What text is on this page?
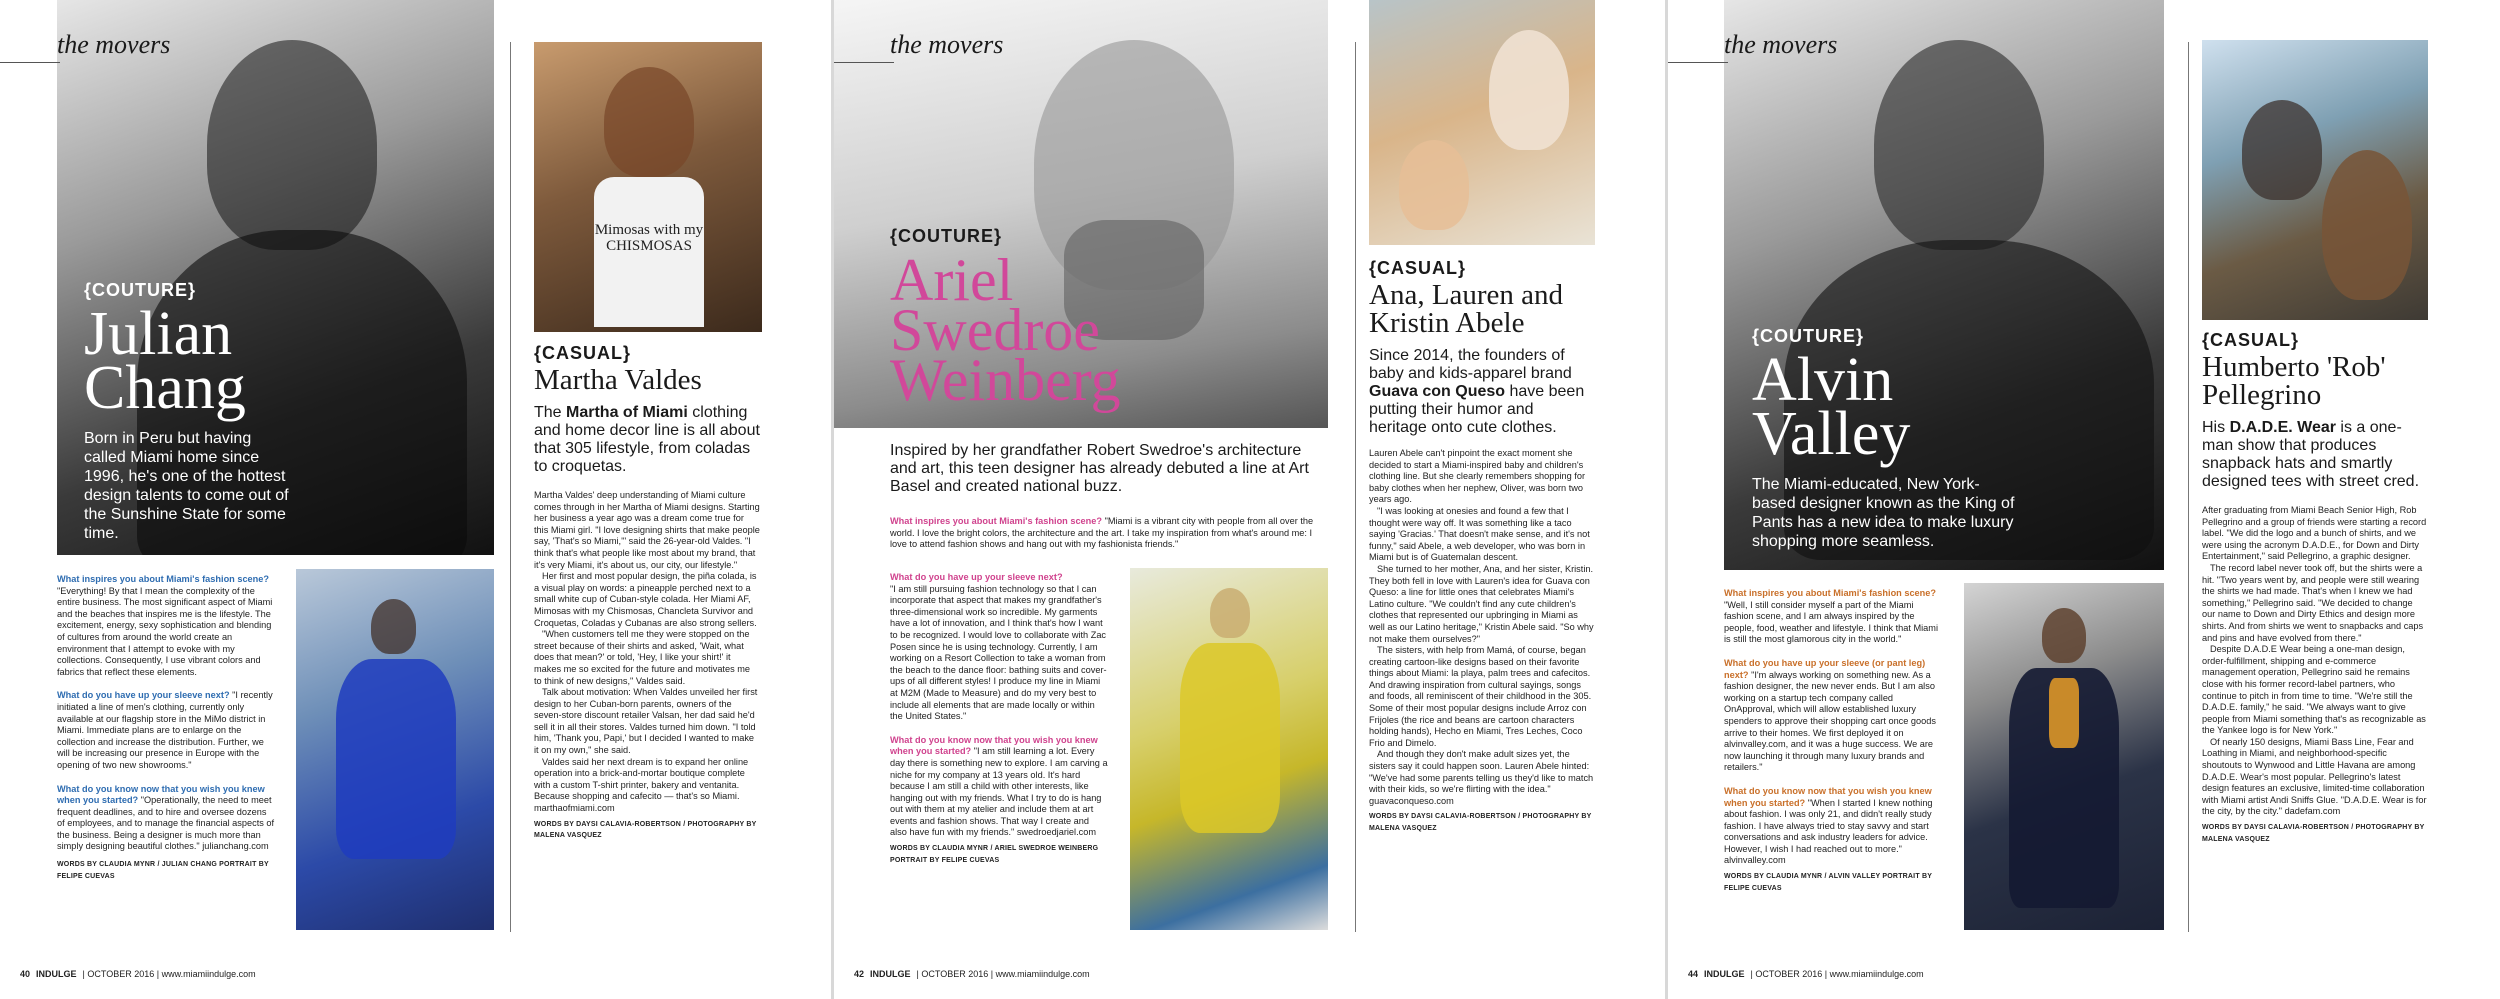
the movers
{COUTURE}
Julian
Chang
Born in Peru but having called Miami home since 1996, he's one of the hottest design talents to come out of the Sunshine State for some time.

What inspires you about Miami's fashion scene?
"Everything! By that I mean the complexity of the entire business. The most significant aspect of Miami and the beaches that inspires me is the lifestyle. The excitement, energy, sexy sophistication and blending of cultures from around the world create an environment that I attempt to evoke with my collections. Consequently, I use vibrant colors and fabrics that reflect these elements.

What do you have up your sleeve next? "I recently initiated a line of men's clothing, currently only available at our flagship store in the MiMo district in Miami. Immediate plans are to enlarge on the collection and increase the distribution. Further, we will be increasing our presence in Europe with the opening of two new showrooms."

What do you know now that you wish you knew when you started? "Operationally, the need to meet frequent deadlines, and to hire and oversee dozens of employees, and to manage the financial aspects of the business. Being a designer is much more than simply designing beautiful clothes." julianchang.com

WORDS BY CLAUDIA MYNR / JULIAN CHANG PORTRAIT BY FELIPE CUEVAS
Mimosas with my CHISMOSAS
{CASUAL}
Martha Valdes
The Martha of Miami clothing and home decor line is all about that 305 lifestyle, from coladas to croquetas.

Martha Valdes' deep understanding of Miami culture comes through in her Martha of Miami designs. Starting her business a year ago was a dream come true for this Miami girl. "I love designing shirts that make people say, 'That's so Miami,'" said the 26-year-old Valdes. "I think that's what people like most about my brand, that it's very Miami, it's about us, our city, our lifestyle."

Her first and most popular design, the piña colada, is a visual play on words: a pineapple perched next to a small white cup of Cuban-style colada. Her Miami AF, Mimosas with my Chismosas, Chancleta Survivor and Croquetas, Coladas y Cubanas are also strong sellers.

"When customers tell me they were stopped on the street because of their shirts and asked, 'Wait, what does that mean?' or told, 'Hey, I like your shirt!' it makes me so excited for the future and motivates me to think of new designs," Valdes said.

Talk about motivation: When Valdes unveiled her first design to her Cuban-born parents, owners of the seven-store discount retailer Valsan, her dad said he'd sell it in all their stores. Valdes turned him down. "I told him, 'Thank you, Papi,' but I decided I wanted to make it on my own," she said.

Valdes said her next dream is to expand her online operation into a brick-and-mortar boutique complete with a custom T-shirt printer, bakery and ventanita. Because shopping and cafecito — that's so Miami. marthaofmiami.com

WORDS BY DAYSI CALAVIA-ROBERTSON / PHOTOGRAPHY BY MALENA VASQUEZ
40 INDULGE | OCTOBER 2016 | www.miamiindulge.com
the movers
{COUTURE}
Ariel
Swedroe
Weinberg
Inspired by her grandfather Robert Swedroe's architecture and art, this teen designer has already debuted a line at Art Basel and created national buzz.

What inspires you about Miami's fashion scene? "Miami is a vibrant city with people from all over the world. I love the bright colors, the architecture and the art. I take my inspiration from what's around me: I love to attend fashion shows and hang out with my fashionista friends."

What do you have up your sleeve next?
"I am still pursuing fashion technology so that I can incorporate that aspect that makes my grandfather's three-dimensional work so incredible. My garments have a lot of innovation, and I think that's how I want to be recognized. I would love to collaborate with Zac Posen since he is using technology. Currently, I am working on a Resort Collection to take a woman from the beach to the dance floor: bathing suits and cover-ups of all different styles! I produce my line in Miami at M2M (Made to Measure) and do my very best to include all elements that are made locally or within the United States."

What do you know now that you wish you knew when you started? "I am still learning a lot. Every day there is something new to explore. I am carving a niche for my company at 13 years old. It's hard because I am still a child with other interests, like hanging out with my friends. What I try to do is hang out with them at my atelier and include them at art events and fashion shows. That way I create and also have fun with my friends." swedroedjariel.com

WORDS BY CLAUDIA MYNR / ARIEL SWEDROE WEINBERG PORTRAIT BY FELIPE CUEVAS
{CASUAL}
Ana, Lauren and
Kristin Abele
Since 2014, the founders of baby and kids-apparel brand Guava con Queso have been putting their humor and heritage onto cute clothes.

Lauren Abele can't pinpoint the exact moment she decided to start a Miami-inspired baby and children's clothing line. But she clearly remembers shopping for baby clothes when her nephew, Oliver, was born two years ago.

"I was looking at onesies and found a few that I thought were way off. It was something like a taco saying 'Gracias.' That doesn't make sense, and it's not funny," said Abele, a web developer, who was born in Miami but is of Guatemalan descent.

She turned to her mother, Ana, and her sister, Kristin. They both fell in love with Lauren's idea for Guava con Queso: a line for little ones that celebrates Miami's Latino culture. "We couldn't find any cute children's clothes that represented our upbringing in Miami as well as our Latino heritage," Kristin Abele said. "So why not make them ourselves?"

The sisters, with help from Mamá, of course, began creating cartoon-like designs based on their favorite things about Miami: la playa, palm trees and cafecitos. And drawing inspiration from cultural sayings, songs and foods, all reminiscent of their childhood in the 305. Some of their most popular designs include Arroz con Frijoles (the rice and beans are cartoon characters holding hands), Hecho en Miami, Tres Leches, Coco Frio and Dimelo.

And though they don't make adult sizes yet, the sisters say it could happen soon. Lauren Abele hinted: "We've had some parents telling us they'd like to match with their kids, so we're flirting with the idea." guavaconqueso.com

WORDS BY DAYSI CALAVIA-ROBERTSON / PHOTOGRAPHY BY MALENA VASQUEZ
42 INDULGE | OCTOBER 2016 | www.miamiindulge.com
the movers
{COUTURE}
Alvin
Valley
The Miami-educated, New York-based designer known as the King of Pants has a new idea to make luxury shopping more seamless.

What inspires you about Miami's fashion scene?
"Well, I still consider myself a part of the Miami fashion scene, and I am always inspired by the people, food, weather and lifestyle. I think that Miami is still the most glamorous city in the world."

What do you have up your sleeve (or pant leg) next? "I'm always working on something new. As a fashion designer, the new never ends. But I am also working on a startup tech company called OnApproval, which will allow established luxury spenders to approve their shopping cart once goods arrive to their homes. We first deployed it on alvinvalley.com, and it was a huge success. We are now launching it through many luxury brands and retailers."

What do you know now that you wish you knew when you started? "When I started I knew nothing about fashion. I was only 21, and didn't really study fashion. I have always tried to stay savvy and start conversations and ask industry leaders for advice. However, I wish I had reached out to more." alvinvalley.com

WORDS BY CLAUDIA MYNR / ALVIN VALLEY PORTRAIT BY FELIPE CUEVAS
{CASUAL}
Humberto 'Rob'
Pellegrino
His D.A.D.E. Wear is a one-man show that produces snapback hats and smartly designed tees with street cred.

After graduating from Miami Beach Senior High, Rob Pellegrino and a group of friends were starting a record label. "We did the logo and a bunch of shirts, and we were using the acronym D.A.D.E., for Down and Dirty Entertainment," said Pellegrino, a graphic designer.

The record label never took off, but the shirts were a hit. "Two years went by, and people were still wearing the shirts we had made. That's when I knew we had something," Pellegrino said. "We decided to change our name to Down and Dirty Ethics and design more shirts. And from shirts we went to snapbacks and caps and pins and have evolved from there."

Despite D.A.D.E Wear being a one-man design, order-fulfillment, shipping and e-commerce management operation, Pellegrino said he remains close with his former record-label partners, who continue to pitch in from time to time. "We're still the D.A.D.E. family," he said. "We always want to give people from Miami something that's as recognizable as the Yankee logo is for New York."

Of nearly 150 designs, Miami Bass Line, Fear and Loathing in Miami, and neighborhood-specific shoutouts to Wynwood and Little Havana are among D.A.D.E. Wear's most popular. Pellegrino's latest design features an exclusive, limited-time collaboration with Miami artist Andi Sniffs Glue. "D.A.D.E. Wear is for the city, by the city." dadefam.com

WORDS BY DAYSI CALAVIA-ROBERTSON / PHOTOGRAPHY BY MALENA VASQUEZ
44 INDULGE | OCTOBER 2016 | www.miamiindulge.com
